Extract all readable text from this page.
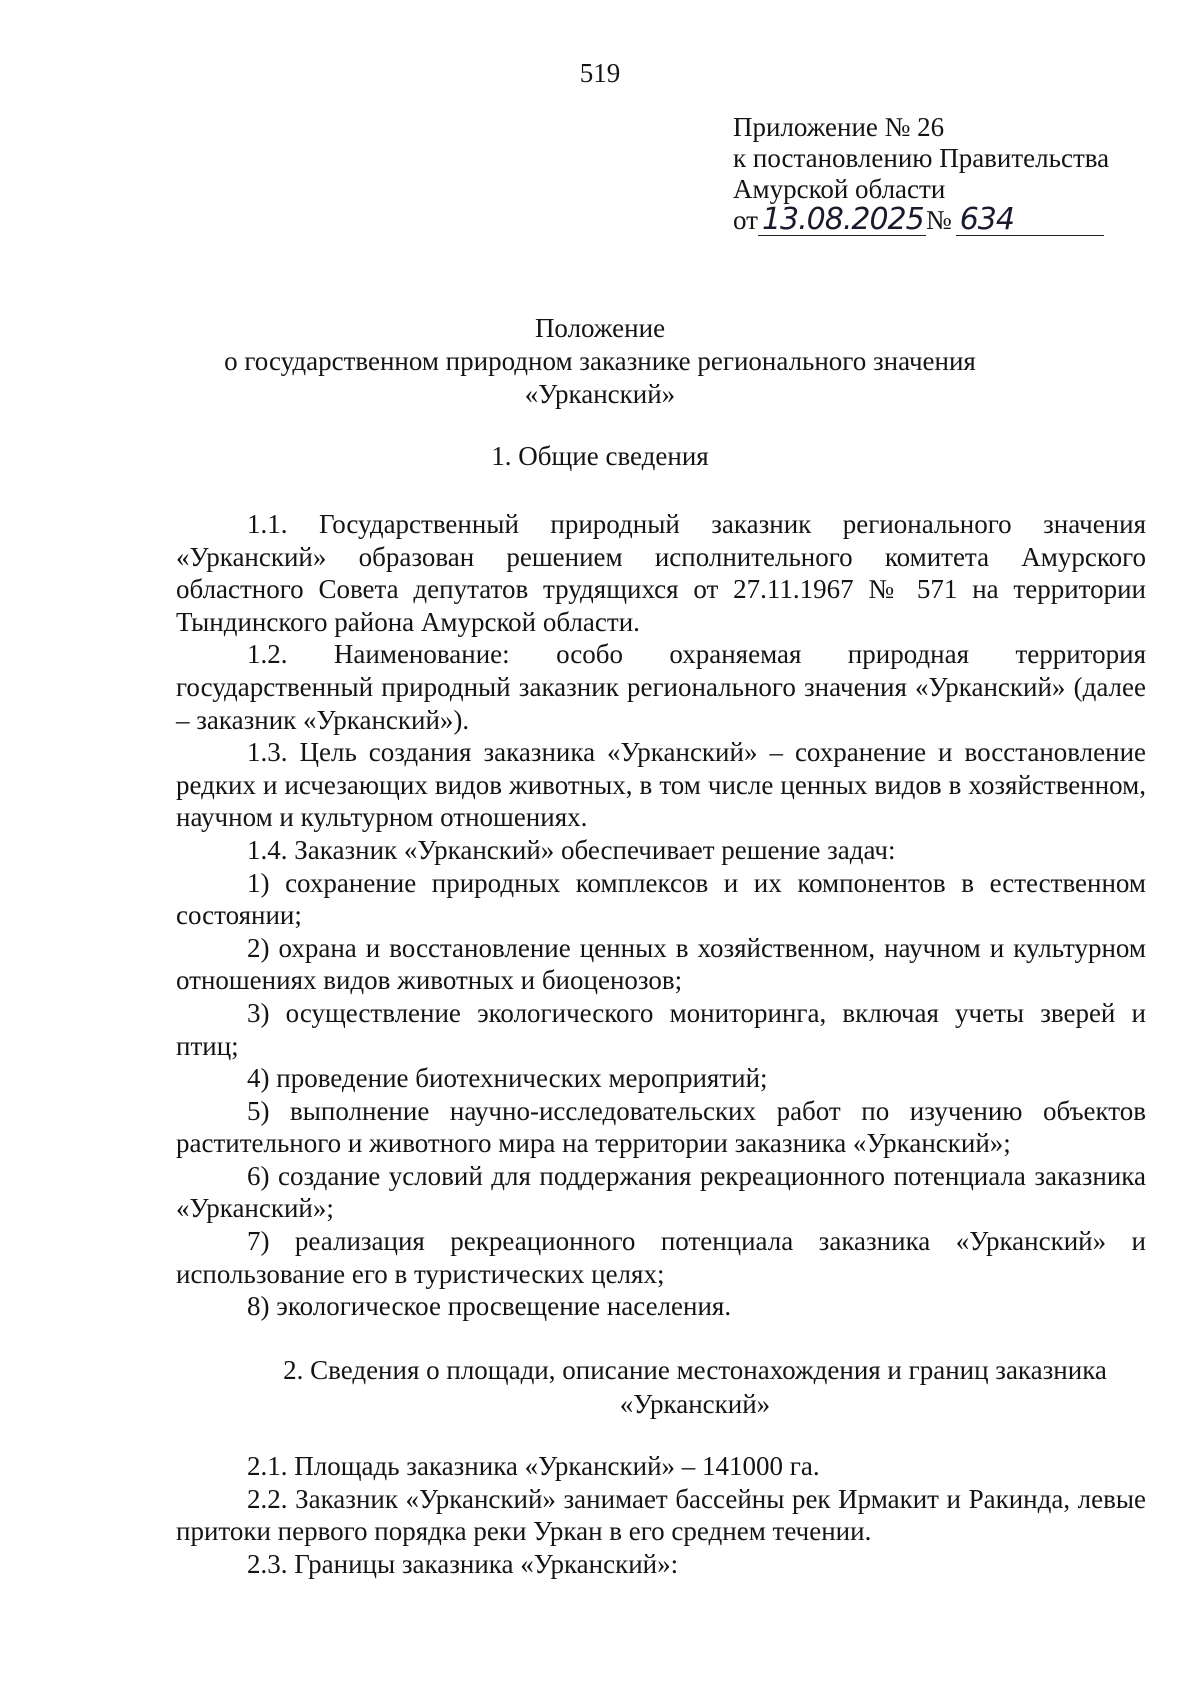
519
Приложение № 26
к постановлению Правительства
Амурской области
от 13.08.2025№ 634
Положение
о государственном природном заказнике регионального значения
«Урканский»
1. Общие сведения

1.1. Государственный природный заказник регионального значения «Урканский» образован решением исполнительного комитета Амурского областного Совета депутатов трудящихся от 27.11.1967 № 571 на территории Тындинского района Амурской области.

1.2. Наименование: особо охраняемая природная территория государственный природный заказник регионального значения «Урканский» (далее – заказник «Урканский»).

1.3. Цель создания заказника «Урканский» – сохранение и восстановление редких и исчезающих видов животных, в том числе ценных видов в хозяйственном, научном и культурном отношениях.

1.4. Заказник «Урканский» обеспечивает решение задач:

1) сохранение природных комплексов и их компонентов в естественном состоянии;

2) охрана и восстановление ценных в хозяйственном, научном и культурном отношениях видов животных и биоценозов;

3) осуществление экологического мониторинга, включая учеты зверей и птиц;

4) проведение биотехнических мероприятий;

5) выполнение научно-исследовательских работ по изучению объектов растительного и животного мира на территории заказника «Урканский»;

6) создание условий для поддержания рекреационного потенциала заказника «Урканский»;

7) реализация рекреационного потенциала заказника «Урканский» и использование его в туристических целях;

8) экологическое просвещение населения.

2. Сведения о площади, описание местонахождения и границ заказника
«Урканский»

2.1. Площадь заказника «Урканский» – 141000 га.

2.2. Заказник «Урканский» занимает бассейны рек Ирмакит и Ракинда, левые притоки первого порядка реки Уркан в его среднем течении.

2.3. Границы заказника «Урканский»:
